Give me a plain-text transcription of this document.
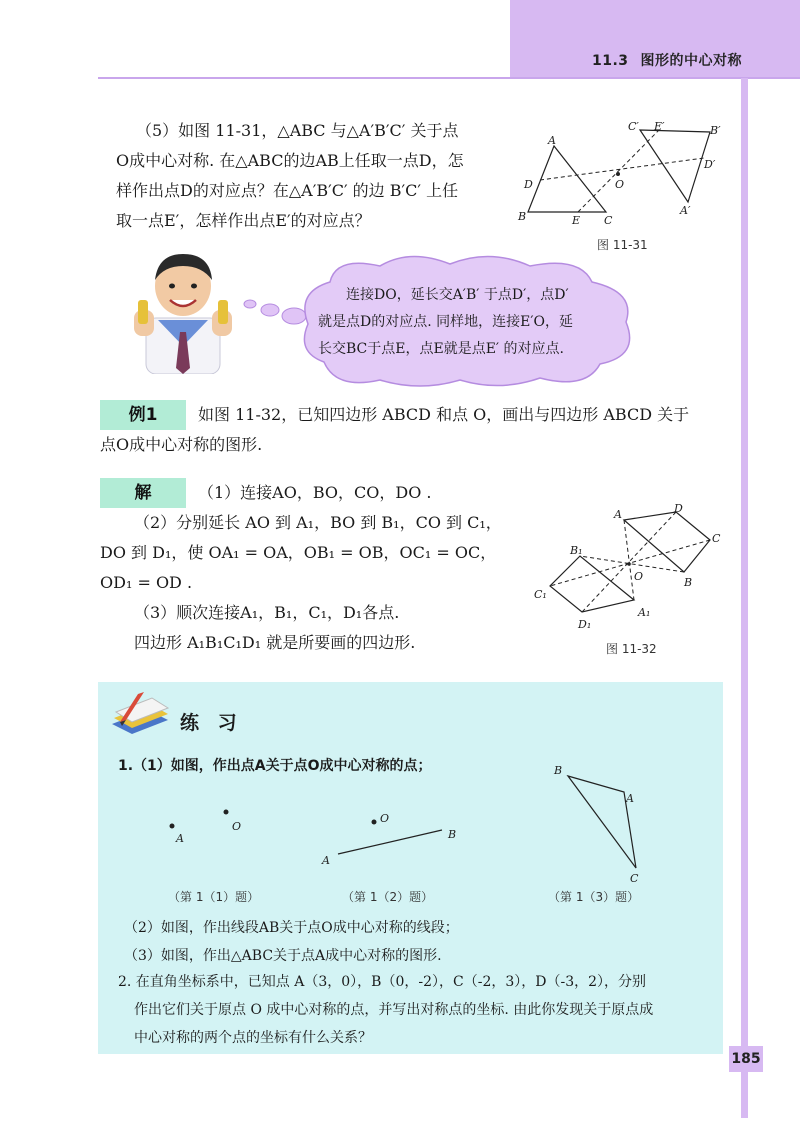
11.3 图形的中心对称

（5）如图 11-31，△ABC 与△A′B′C′ 关于点

O成中心对称. 在△ABC的边AB上任取一点D，怎

样作出点D的对应点？在△A′B′C′ 的边 B′C′ 上任

取一点E′，怎样作出点E′的对应点？

A
B	C
D
E
O
A′
B′
C′
D′
E′
图 11-31

连接DO，延长交A′B′ 于点D′，点D′

就是点D的对应点. 同样地，连接E′O，延

长交BC于点E，点E就是点E′ 的对应点.

例1	如图 11-32，已知四边形 ABCD 和点 O，画出与四边形 ABCD 关于

点O成中心对称的图形.

解	（1）连接AO，BO，CO，DO .

（2）分别延长 AO 到 A₁，BO 到 B₁，CO 到 C₁，

DO 到 D₁，使 OA₁ = OA，OB₁ = OB，OC₁ = OC，

OD₁ = OD .

（3）顺次连接A₁，B₁，C₁，D₁各点.

四边形 A₁B₁C₁D₁ 就是所要画的四边形.

A
B
C
D
O
A₁
B₁
C₁
D₁
图 11-32
练 习

1.（1）如图，作出点A关于点O成中心对称的点；

A
O
（第 1（1）题）
A
B
O
（第 1（2）题）
B
A
C
（第 1（3）题）

（2）如图，作出线段AB关于点O成中心对称的线段；

（3）如图，作出△ABC关于点A成中心对称的图形.

2. 在直角坐标系中，已知点 A（3，0），B（0，-2），C（-2，3），D（-3，2），分别

作出它们关于原点 O 成中心对称的点，并写出对称点的坐标. 由此你发现关于原点成

中心对称的两个点的坐标有什么关系？

185
